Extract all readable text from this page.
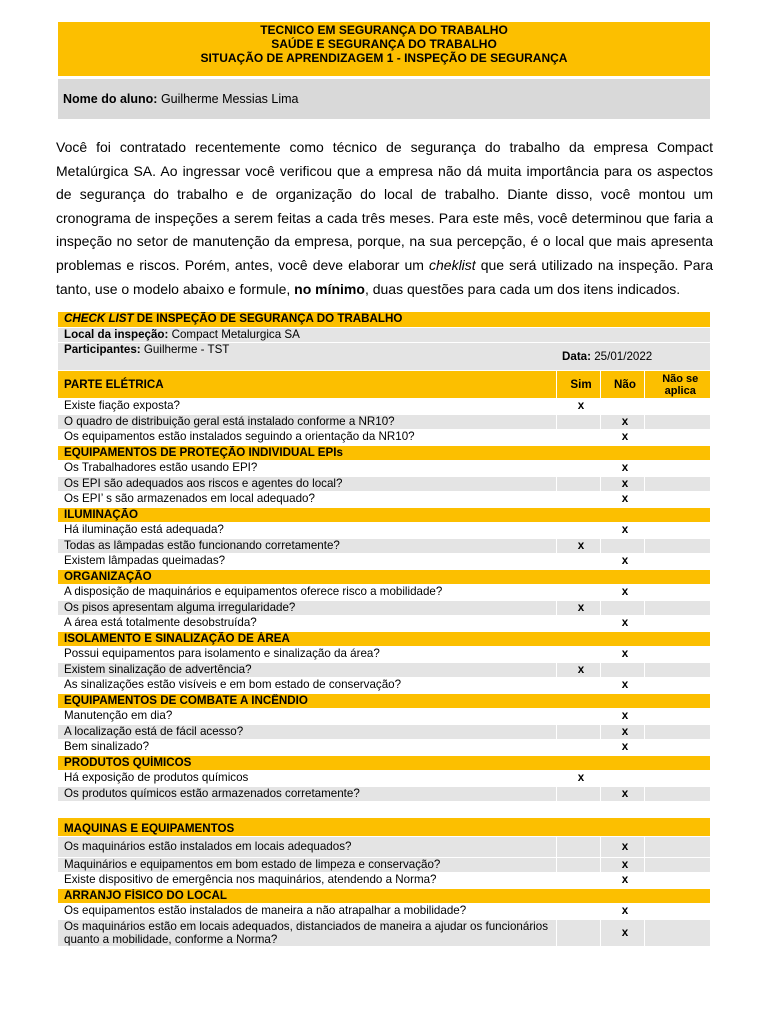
TECNICO EM SEGURANÇA DO TRABALHO
SAÚDE E SEGURANÇA DO TRABALHO
SITUAÇÃO DE APRENDIZAGEM 1 - INSPEÇÃO DE SEGURANÇA
Nome do aluno: Guilherme Messias Lima
Você foi contratado recentemente como técnico de segurança do trabalho da empresa Compact Metalúrgica SA. Ao ingressar você verificou que a empresa não dá muita importância para os aspectos de segurança do trabalho e de organização do local de trabalho. Diante disso, você montou um cronograma de inspeções a serem feitas a cada três meses. Para este mês, você determinou que faria a inspeção no setor de manutenção da empresa, porque, na sua percepção, é o local que mais apresenta problemas e riscos. Porém, antes, você deve elaborar um cheklist que será utilizado na inspeção. Para tanto, use o modelo abaixo e formule, no mínimo, duas questões para cada um dos itens indicados.
CHECK LIST DE INSPEÇÃO DE SEGURANÇA DO TRABALHO			
Local da inspeção: Compact Metalurgica SA			
Participantes: Guilherme - TST	Data: 25/01/2022		
PARTE ELÉTRICA	Sim	Não	Não se aplica
Existe fiação exposta?	x		
O quadro de distribuição geral está instalado conforme a NR10?		x	
Os equipamentos estão instalados seguindo a orientação da NR10?		x	
EQUIPAMENTOS DE PROTEÇÃO INDIVIDUAL EPIs			
Os Trabalhadores estão usando EPI?		x	
Os EPI são adequados aos riscos e agentes do local?		x	
Os EPI’ s são armazenados em local adequado?		x	
ILUMINAÇÃO			
Há iluminação está adequada?		x	
Todas as lâmpadas estão funcionando corretamente?	x		
Existem lâmpadas queimadas?		x	
ORGANIZAÇÃO			
A disposição de maquinários e equipamentos oferece risco a mobilidade?		x	
Os pisos apresentam alguma irregularidade?	x		
A área está totalmente desobstruída?		x	
ISOLAMENTO E SINALIZAÇÃO DE ÁREA			
Possui equipamentos para isolamento e sinalização da área?		x	
Existem sinalização de advertência?	x		
As sinalizações estão visíveis e em bom estado de conservação?		x	
EQUIPAMENTOS DE COMBATE A INCÊNDIO			
Manutenção em dia?		x	
A localização está de fácil acesso?		x	
Bem sinalizado?		x	
PRODUTOS QUÍMICOS			
Há exposição de produtos químicos	x		
Os produtos químicos estão armazenados corretamente?		x	

MAQUINAS E EQUIPAMENTOS			
Os maquinários estão instalados em locais adequados?		x	
Maquinários e equipamentos em bom estado de limpeza e conservação?		x	
Existe dispositivo de emergência nos maquinários, atendendo a Norma?		x	
ARRANJO FÍSICO DO LOCAL			
Os equipamentos estão instalados de maneira a não atrapalhar a mobilidade?		x	
Os maquinários estão em locais adequados, distanciados de maneira a ajudar os funcionários quanto a mobilidade, conforme a Norma?		x	
